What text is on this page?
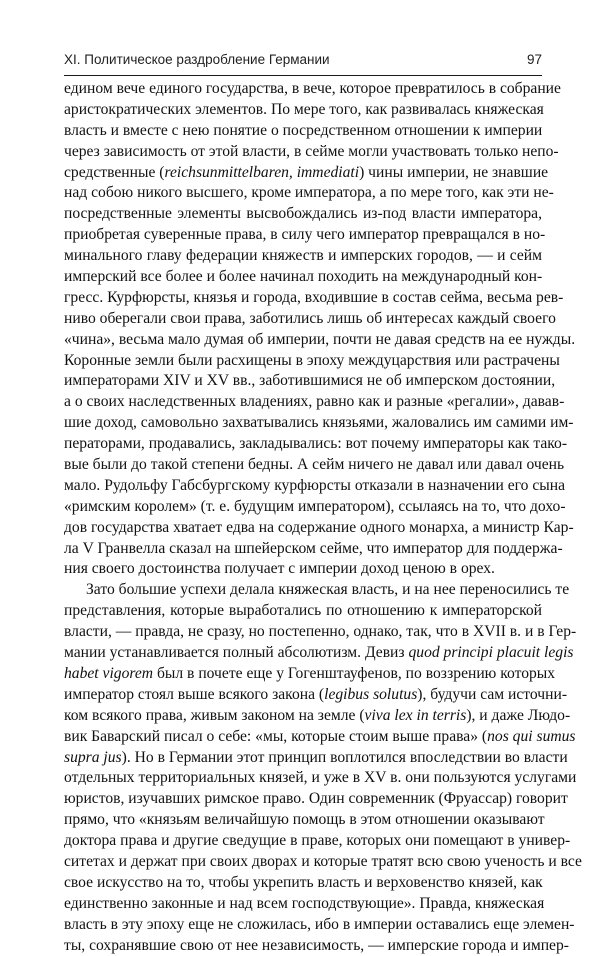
XI. Политическое раздробление Германии	97
едином вече единого государства, в вече, которое превратилось в собрание
аристократических элементов. По мере того, как развивалась княжеская
власть и вместе с нею понятие о посредственном отношении к империи
через зависимость от этой власти, в сейме могли участвовать только непо-
средственные (reichsunmittelbaren, immediati) чины империи, не знавшие
над собою никого высшего, кроме императора, а по мере того, как эти не-
посредственные элементы высвобождались из-под власти императора,
приобретая суверенные права, в силу чего император превращался в но-
минального главу федерации княжеств и имперских городов, — и сейм
имперский все более и более начинал походить на международный кон-
гресс. Курфюрсты, князья и города, входившие в состав сейма, весьма рев-
ниво оберегали свои права, заботились лишь об интересах каждый своего
«чина», весьма мало думая об империи, почти не давая средств на ее нужды.
Коронные земли были расхищены в эпоху междуцарствия или растрачены
императорами XIV и XV вв., заботившимися не об имперском достоянии,
а о своих наследственных владениях, равно как и разные «регалии», давав-
шие доход, самовольно захватывались князьями, жаловались им самими им-
ператорами, продавались, закладывались: вот почему императоры как тако-
вые были до такой степени бедны. А сейм ничего не давал или давал очень
мало. Рудольфу Габсбургскому курфюрсты отказали в назначении его сына
«римским королем» (т. е. будущим императором), ссылаясь на то, что дохо-
дов государства хватает едва на содержание одного монарха, а министр Кар-
ла V Гранвелла сказал на шпейерском сейме, что император для поддержа-
ния своего достоинства получает с империи доход ценою в орех.
Зато большие успехи делала княжеская власть, и на нее переносились те
представления, которые выработались по отношению к императорской
власти, — правда, не сразу, но постепенно, однако, так, что в XVII в. и в Гер-
мании устанавливается полный абсолютизм. Девиз quod principi placuit legis
habet vigorem был в почете еще у Гогенштауфенов, по воззрению которых
император стоял выше всякого закона (legibus solutus), будучи сам источни-
ком всякого права, живым законом на земле (viva lex in terris), и даже Людо-
вик Баварский писал о себе: «мы, которые стоим выше права» (nos qui sumus
supra jus). Но в Германии этот принцип воплотился впоследствии во власти
отдельных территориальных князей, и уже в XV в. они пользуются услугами
юристов, изучавших римское право. Один современник (Фруассар) говорит
прямо, что «князьям величайшую помощь в этом отношении оказывают
доктора права и другие сведущие в праве, которых они помещают в универ-
ситетах и держат при своих дворах и которые тратят всю свою ученость и все
свое искусство на то, чтобы укрепить власть и верховенство князей, как
единственно законные и над всем господствующие». Правда, княжеская
власть в эту эпоху еще не сложилась, ибо в империи оставались еще элемен-
ты, сохранявшие свою от нее независимость, — имперские города и импер-
